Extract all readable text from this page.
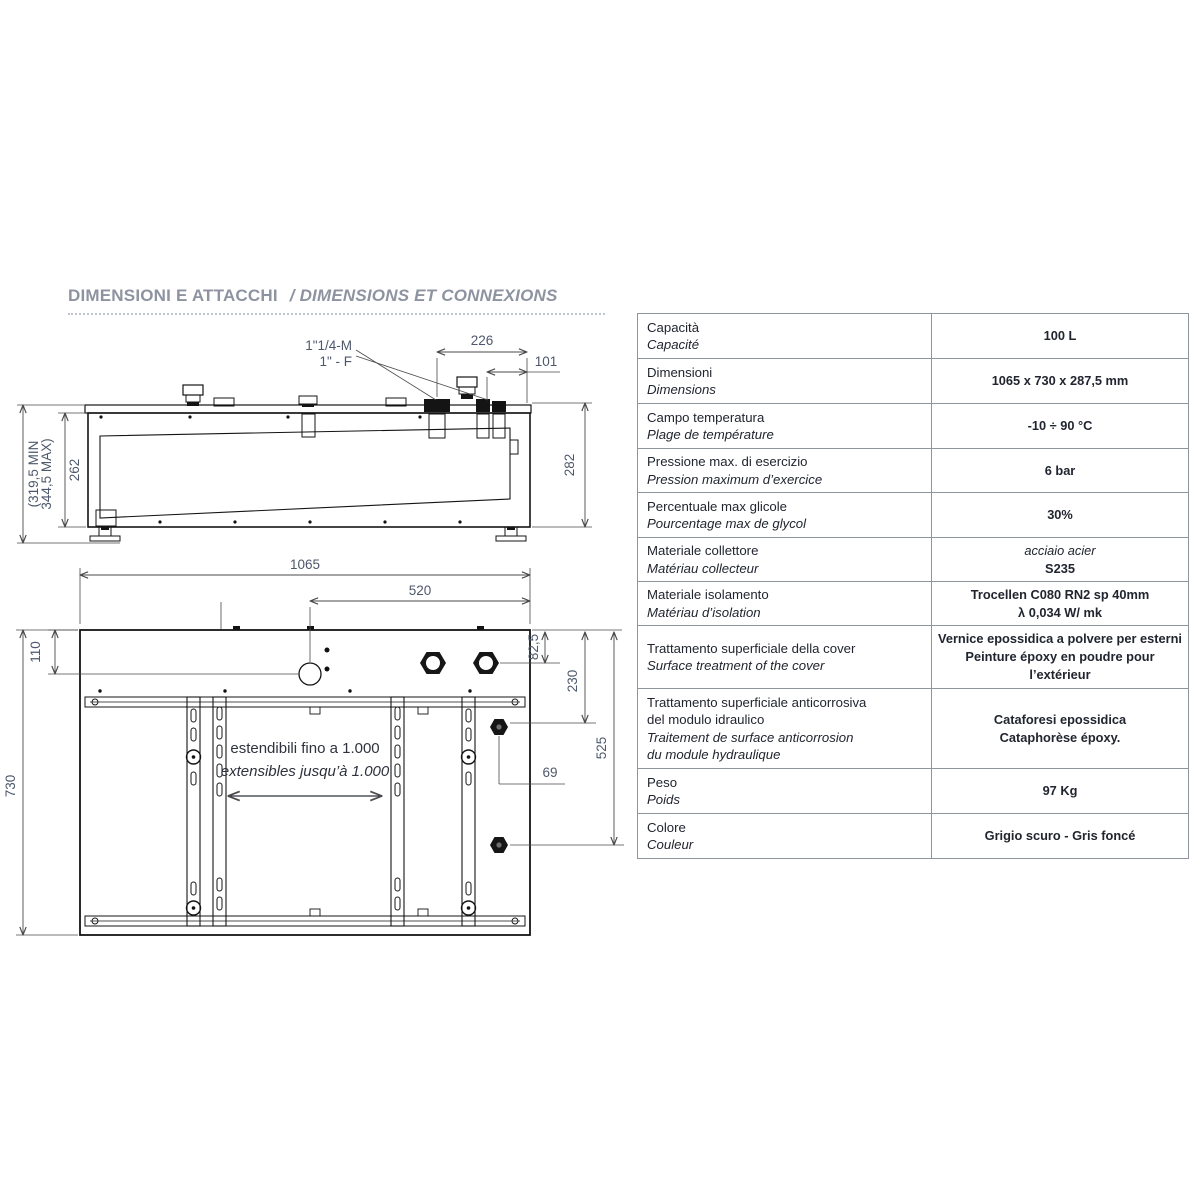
DIMENSIONI E ATTACCHI / DIMENSIONS ET CONNEXIONS
226
101
1"1/4-M
1" - F
282
262
(319,5 MIN
344,5 MAX)
estendibili fino a 1.000
extensibles jusqu’à 1.000
1065
520
110
730
82,5
230
525
69
Capacità
Capacité
100 L
Dimensioni
Dimensions
1065 x 730 x 287,5 mm
Campo temperatura
Plage de température
-10 ÷ 90 °C
Pressione max. di esercizio
Pression maximum d’exercice
6 bar
Percentuale max glicole
Pourcentage max de glycol
30%
Materiale collettore
Matériau collecteur
acciaio acier
S235
Materiale isolamento
Matériau d’isolation
Trocellen C080 RN2 sp 40mm
λ 0,034 W/ mk
Trattamento superficiale della cover
Surface treatment of the cover
Vernice epossidica a polvere per esterni
Peinture époxy en poudre pour
l’extérieur
Trattamento superficiale anticorrosiva
del modulo idraulico
Traitement de surface anticorrosion
du module hydraulique
Cataforesi epossidica
Cataphorèse époxy.
Peso
Poids
97 Kg
Colore
Couleur
Grigio scuro - Gris foncé
